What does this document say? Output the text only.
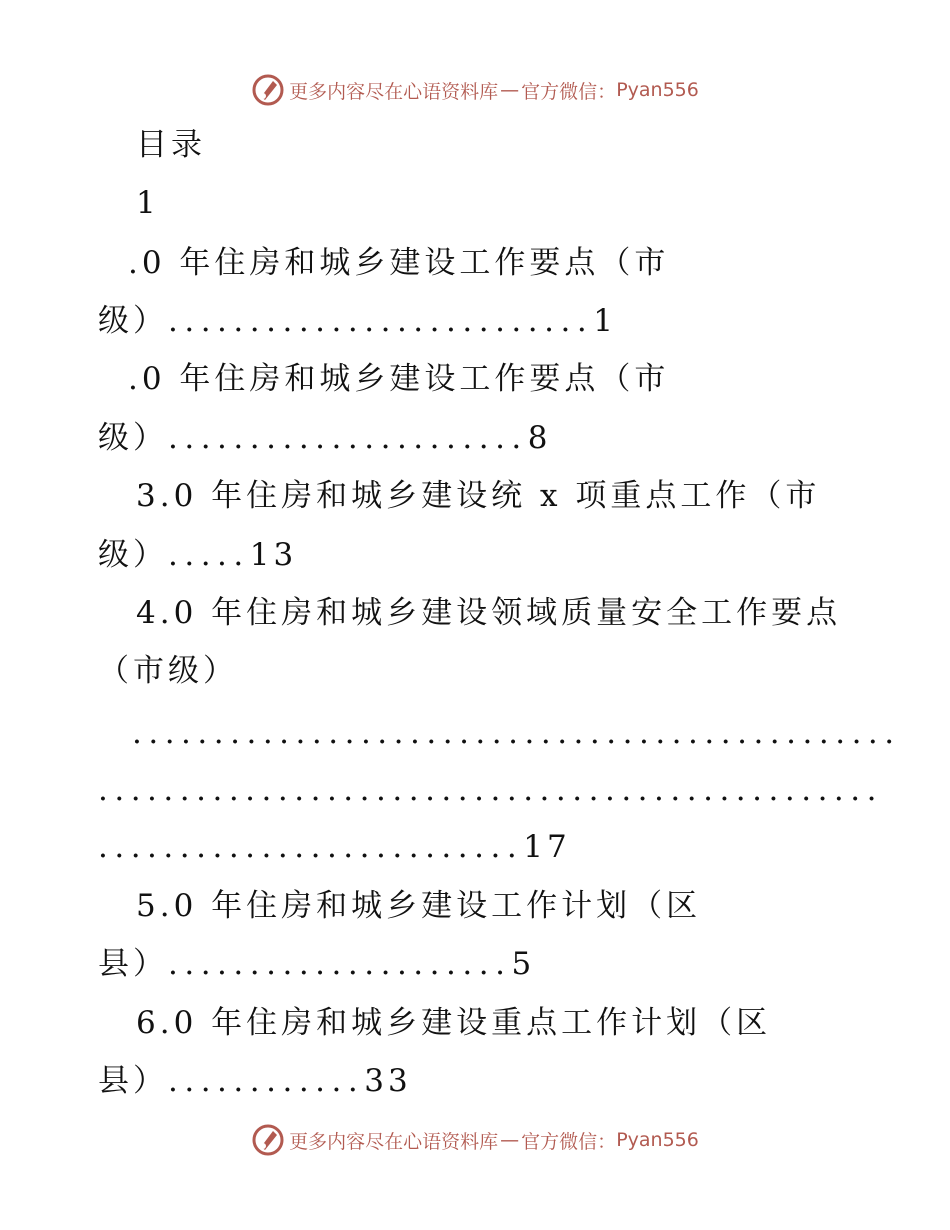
更多内容尽在心语资料库 — 官方微信： Pyan556
目录
1
.0 年住房和城乡建设工作要点（市
级）..........................1
.0 年住房和城乡建设工作要点（市
级）......................8
3.0 年住房和城乡建设统 x 项重点工作（市
级）.....13
4.0 年住房和城乡建设领域质量安全工作要点
（市级）
...............................................
................................................
..........................17
5.0 年住房和城乡建设工作计划（区
县）.....................5
6.0 年住房和城乡建设重点工作计划（区
县）............33
更多内容尽在心语资料库 — 官方微信： Pyan556
